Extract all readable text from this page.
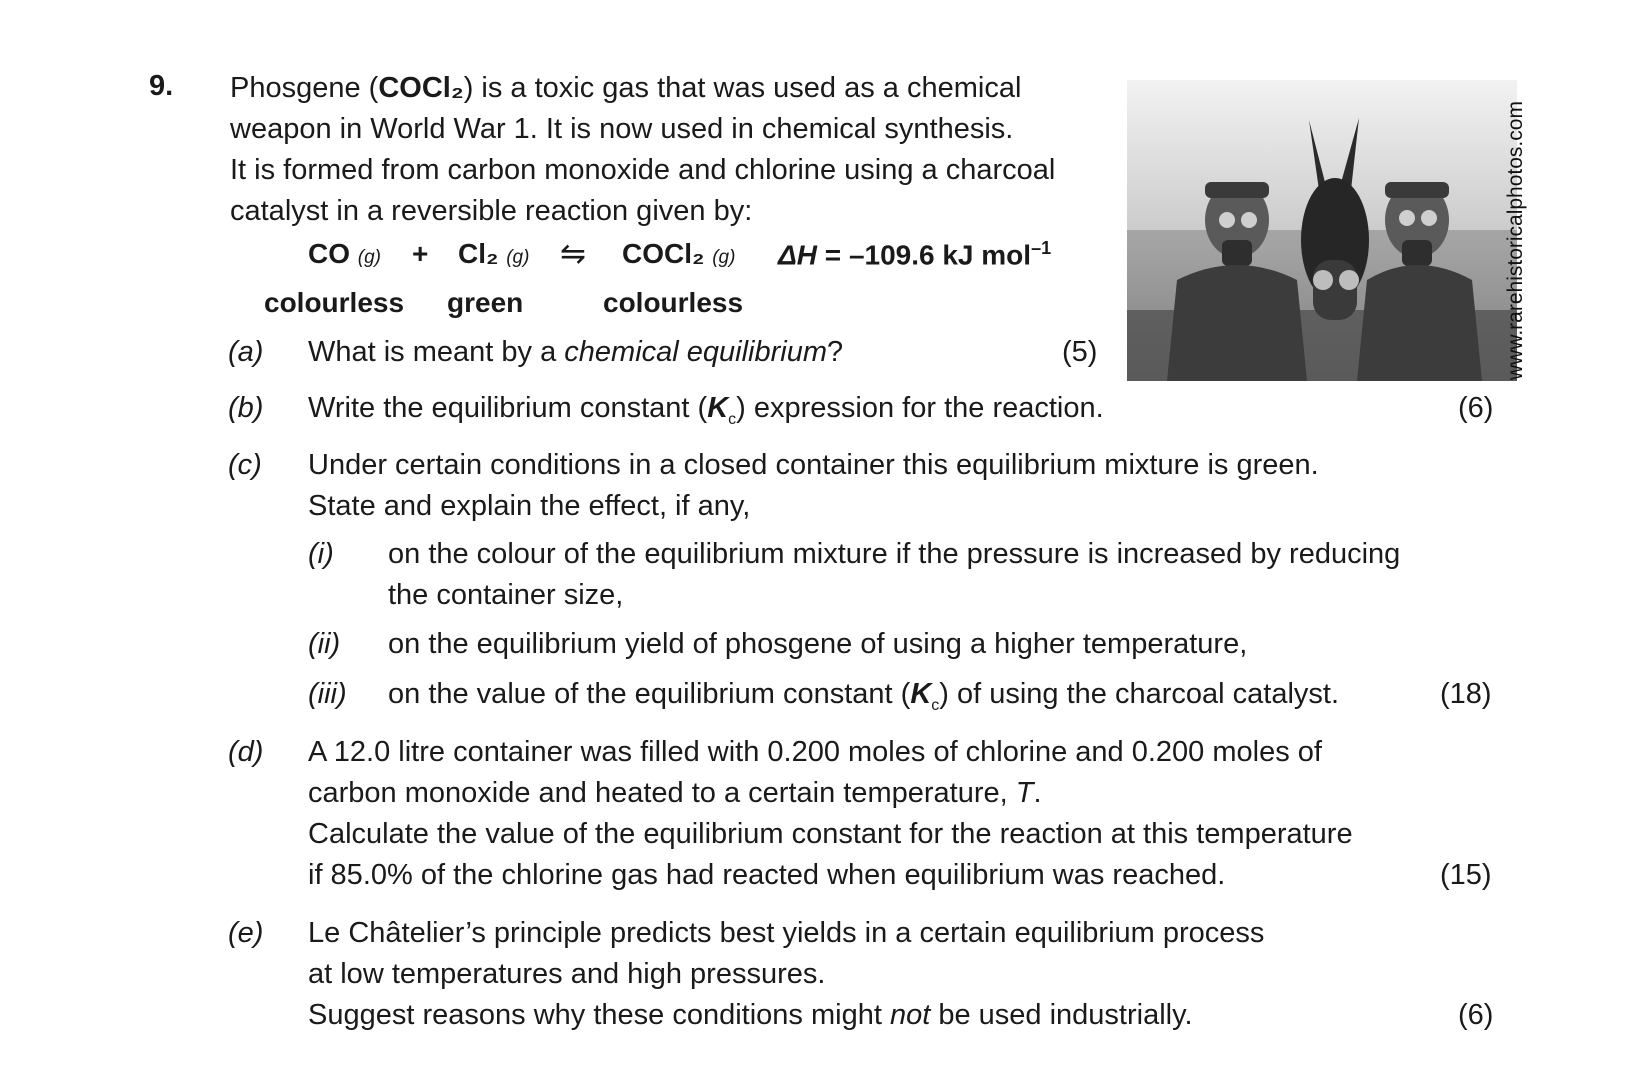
9. Phosgene (COCl₂) is a toxic gas that was used as a chemical
weapon in World War 1. It is now used in chemical synthesis.
It is formed from carbon monoxide and chlorine using a charcoal
catalyst in a reversible reaction given by:
CO (g) + Cl₂ (g) ⇋ COCl₂ (g) ΔH = –109.6 kJ mol$^{-1}$
colourless green	colourless
(a) What is meant by a chemical equilibrium?	(5)	www.rarehistoricalphotos.com
(b) Write the equilibrium constant $(K_c)$ expression for the reaction.	(6)
(c) Under certain conditions in a closed container this equilibrium mixture is green.
State and explain the effect, if any,
(i) on the colour of the equilibrium mixture if the pressure is increased by reducing
the container size,
(ii) on the equilibrium yield of phosgene of using a higher temperature,
(iii) on the value of the equilibrium constant $(K_c)$ of using the charcoal catalyst.	(18)
(d) A 12.0 litre container was filled with 0.200 moles of chlorine and 0.200 moles of
carbon monoxide and heated to a certain temperature, T.
Calculate the value of the equilibrium constant for the reaction at this temperature
if 85.0% of the chlorine gas had reacted when equilibrium was reached.	(15)
(e) Le Châtelier’s principle predicts best yields in a certain equilibrium process
at low temperatures and high pressures.
Suggest reasons why these conditions might not be used industrially.	(6)
